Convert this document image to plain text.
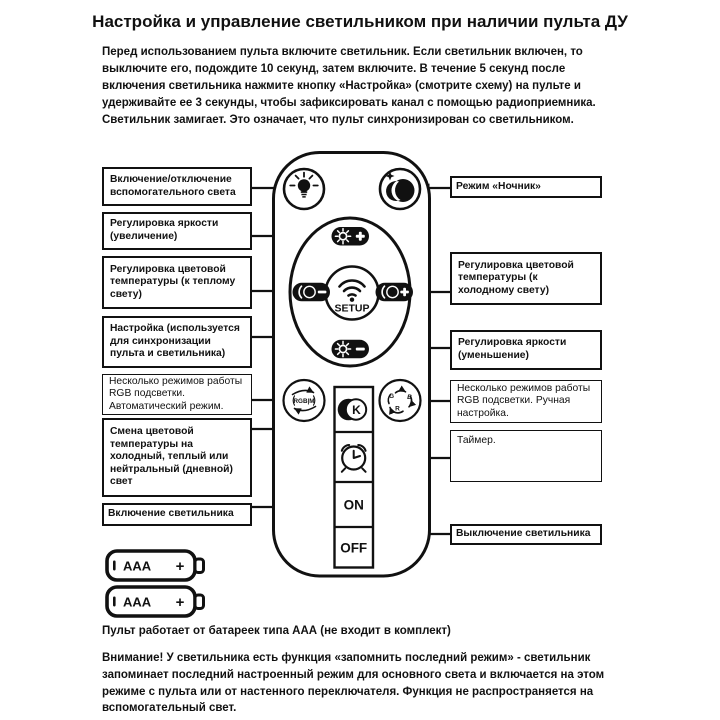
Настройка и управление светильником при наличии пульта ДУ
Перед использованием пульта включите светильник. Если светильник включен, то выключите его, подождите 10 секунд, затем включите. В течение 5 секунд после включения светильника нажмите кнопку «Настройка» (смотрите схему) на пульте и удерживайте ее 3 секунды, чтобы зафиксировать канал с помощью радиоприемника. Светильник замигает. Это означает, что пульт синхронизирован со светильником.
SETUP
K	K
RGB|M
G B
R
K
ON
OFF
AAA +
AAA +
Включение/отключение вспомогательного света
Регулировка яркости (увеличение)
Регулировка цветовой температуры (к теплому свету)
Настройка (используется для синхронизации пульта и светильника)
Несколько режимов работы RGB подсветки. Автоматический режим.
Смена цветовой температуры на холодный, теплый или нейтральный (дневной) свет
Включение светильника
Режим «Ночник»
Регулировка цветовой температуры (к холодному свету)
Регулировка яркости (уменьшение)
Несколько режимов работы RGB подсветки. Ручная настройка.
Таймер.
Выключение светильника
Пульт работает от батареек типа ААА (не входит в комплект)
Внимание! У светильника есть функция «запомнить последний режим» - светильник запоминает последний настроенный режим для основного света и включается на этом режиме с пульта или от настенного переключателя. Функция не распространяется на вспомогательный свет.
